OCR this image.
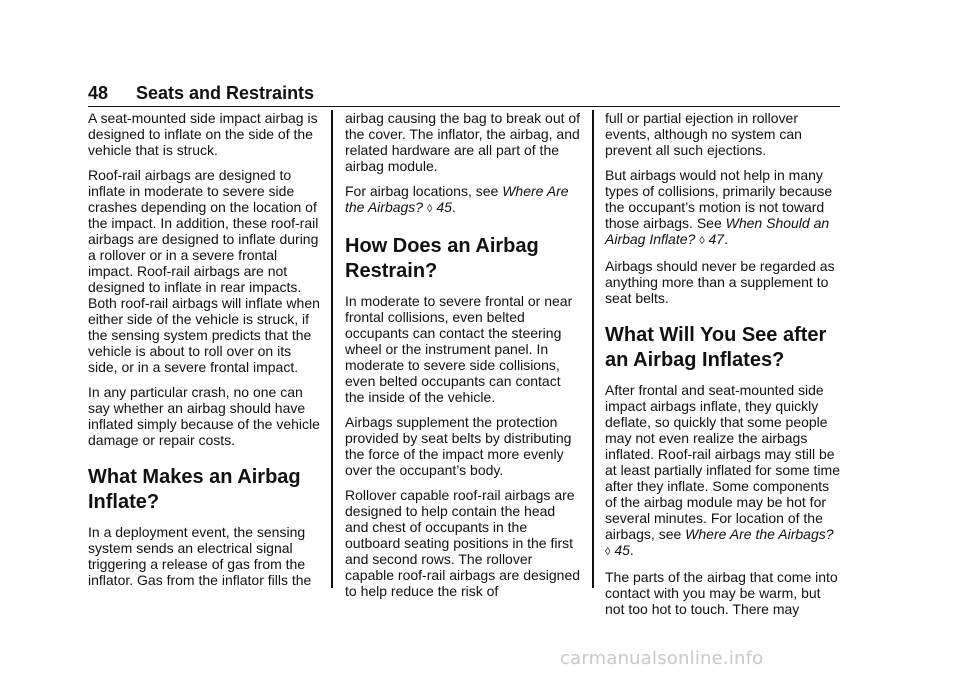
48 Seats and Restraints

A seat-mounted side impact airbag is designed to inflate on the side of the vehicle that is struck.

Roof-rail airbags are designed to inflate in moderate to severe side crashes depending on the location of the impact. In addition, these roof-rail airbags are designed to inflate during a rollover or in a severe frontal impact. Roof-rail airbags are not designed to inflate in rear impacts. Both roof-rail airbags will inflate when either side of the vehicle is struck, if the sensing system predicts that the vehicle is about to roll over on its side, or in a severe frontal impact.

In any particular crash, no one can say whether an airbag should have inflated simply because of the vehicle damage or repair costs.

What Makes an Airbag Inflate?

In a deployment event, the sensing system sends an electrical signal triggering a release of gas from the inflator. Gas from the inflator fills the

airbag causing the bag to break out of the cover. The inflator, the airbag, and related hardware are all part of the airbag module.

For airbag locations, see Where Are the Airbags? ◊ 45.

How Does an Airbag Restrain?

In moderate to severe frontal or near frontal collisions, even belted occupants can contact the steering wheel or the instrument panel. In moderate to severe side collisions, even belted occupants can contact the inside of the vehicle.

Airbags supplement the protection provided by seat belts by distributing the force of the impact more evenly over the occupant’s body.

Rollover capable roof-rail airbags are designed to help contain the head and chest of occupants in the outboard seating positions in the first and second rows. The rollover capable roof-rail airbags are designed to help reduce the risk of

full or partial ejection in rollover events, although no system can prevent all such ejections.

But airbags would not help in many types of collisions, primarily because the occupant’s motion is not toward those airbags. See When Should an Airbag Inflate? ◊ 47.

Airbags should never be regarded as anything more than a supplement to seat belts.

What Will You See after an Airbag Inflates?

After frontal and seat-mounted side impact airbags inflate, they quickly deflate, so quickly that some people may not even realize the airbags inflated. Roof-rail airbags may still be at least partially inflated for some time after they inflate. Some components of the airbag module may be hot for several minutes. For location of the airbags, see Where Are the Airbags? ◊ 45.

The parts of the airbag that come into contact with you may be warm, but not too hot to touch. There may

carmanualsonline.info
